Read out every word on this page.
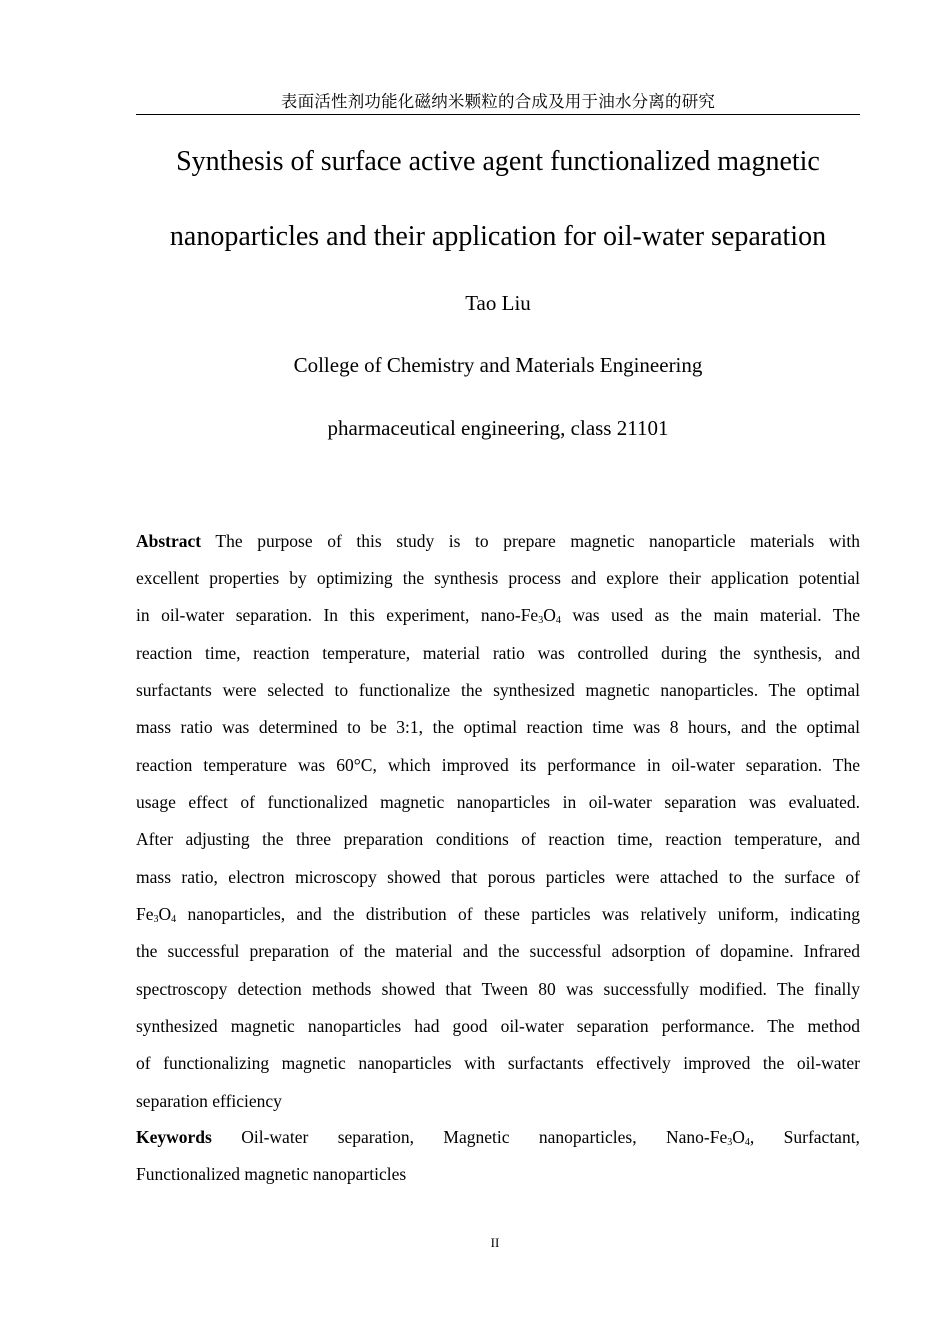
表面活性剂功能化磁纳米颗粒的合成及用于油水分离的研究
Synthesis of surface active agent functionalized magnetic
nanoparticles and their application for oil-water separation
Tao Liu
College of Chemistry and Materials Engineering
pharmaceutical engineering, class 21101
Abstract The purpose of this study is to prepare magnetic nanoparticle materials with
excellent properties by optimizing the synthesis process and explore their application potential
in oil-water separation. In this experiment, nano-$Fe_3O_4$ was used as the main material. The
reaction time, reaction temperature, material ratio was controlled during the synthesis, and
surfactants were selected to functionalize the synthesized magnetic nanoparticles. The optimal
mass ratio was determined to be 3:1, the optimal reaction time was 8 hours, and the optimal
reaction temperature was 60°C, which improved its performance in oil-water separation. The
usage effect of functionalized magnetic nanoparticles in oil-water separation was evaluated.
After adjusting the three preparation conditions of reaction time, reaction temperature, and
mass ratio, electron microscopy showed that porous particles were attached to the surface of
$Fe_3O_4$ nanoparticles, and the distribution of these particles was relatively uniform, indicating
the successful preparation of the material and the successful adsorption of dopamine. Infrared
spectroscopy detection methods showed that Tween 80 was successfully modified. The finally
synthesized magnetic nanoparticles had good oil-water separation performance. The method
of functionalizing magnetic nanoparticles with surfactants effectively improved the oil-water
separation efficiency
Keywords Oil-water separation, Magnetic nanoparticles, Nano-$Fe_3O_4$, Surfactant,
Functionalized magnetic nanoparticles
II
